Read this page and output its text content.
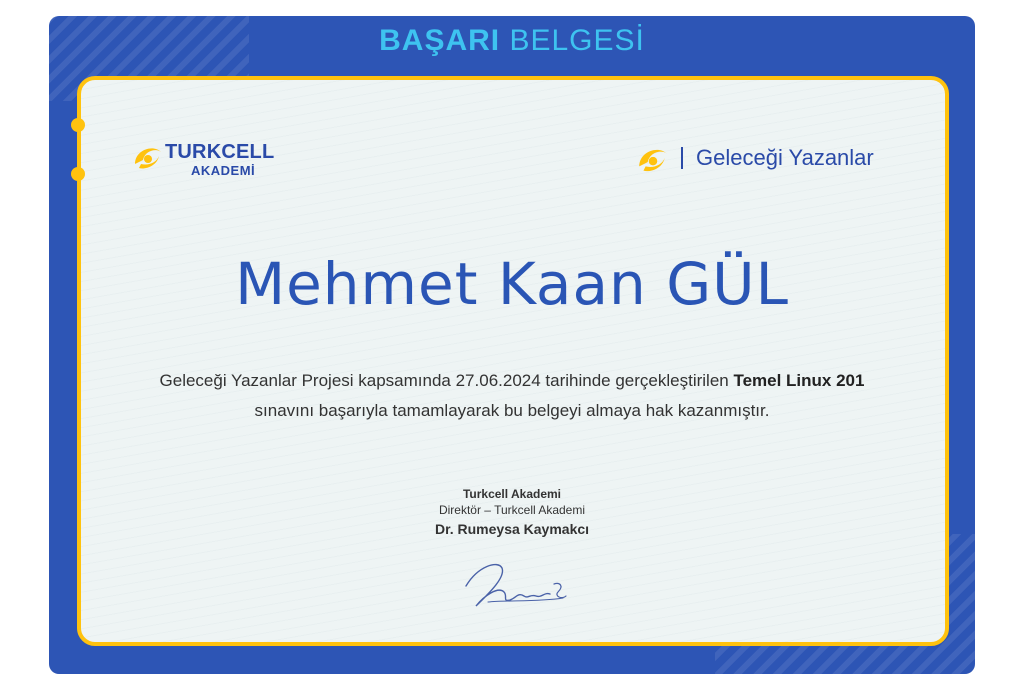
BAŞARI BELGESİ
TURKCELL
AKADEMİ
Geleceği Yazanlar
Mehmet Kaan GÜL
Geleceği Yazanlar Projesi kapsamında 27.06.2024 tarihinde gerçekleştirilen Temel Linux 201
sınavını başarıyla tamamlayarak bu belgeyi almaya hak kazanmıştır.
Turkcell Akademi
Direktör – Turkcell Akademi
Dr. Rumeysa Kaymakcı
